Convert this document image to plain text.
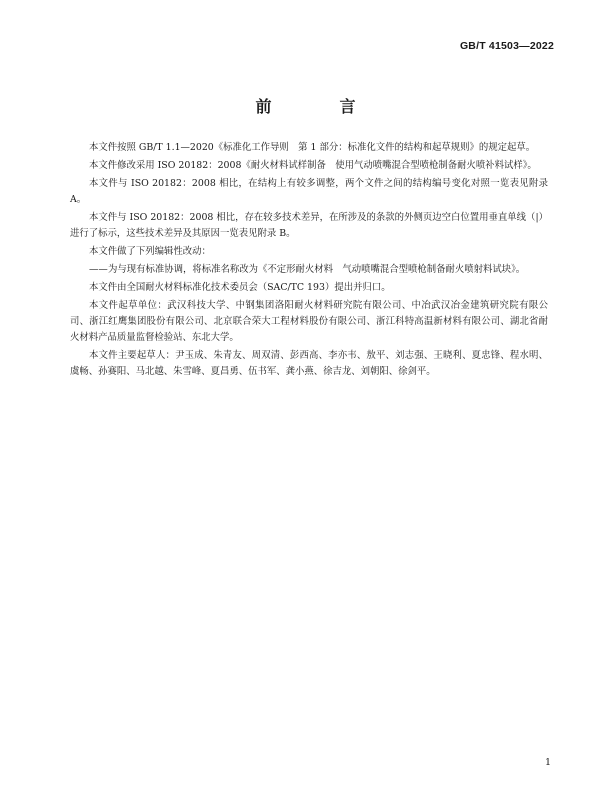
GB/T 41503—2022
前　言

本文件按照 GB/T 1.1—2020《标准化工作导则　第 1 部分：标准化文件的结构和起草规则》的规定起草。

本文件修改采用 ISO 20182：2008《耐火材料试样制备　使用气动喷嘴混合型喷枪制备耐火喷补料试样》。

本文件与 ISO 20182：2008 相比，在结构上有较多调整，两个文件之间的结构编号变化对照一览表见附录 A。

本文件与 ISO 20182：2008 相比，存在较多技术差异，在所涉及的条款的外侧页边空白位置用垂直单线（|）进行了标示，这些技术差异及其原因一览表见附录 B。

本文件做了下列编辑性改动：

——为与现有标准协调，将标准名称改为《不定形耐火材料　气动喷嘴混合型喷枪制备耐火喷射料试块》。

本文件由全国耐火材料标准化技术委员会（SAC/TC 193）提出并归口。

本文件起草单位：武汉科技大学、中钢集团洛阳耐火材料研究院有限公司、中冶武汉冶金建筑研究院有限公司、浙江红鹰集团股份有限公司、北京联合荣大工程材料股份有限公司、浙江科特高温新材料有限公司、湖北省耐火材料产品质量监督检验站、东北大学。

本文件主要起草人：尹玉成、朱青友、周双清、彭西高、李亦韦、敖平、刘志强、王晓利、夏忠锋、程水明、虞畅、孙赛阳、马北越、朱雪峰、夏昌勇、伍书军、龚小燕、徐吉龙、刘朝阳、徐剑平。

1
